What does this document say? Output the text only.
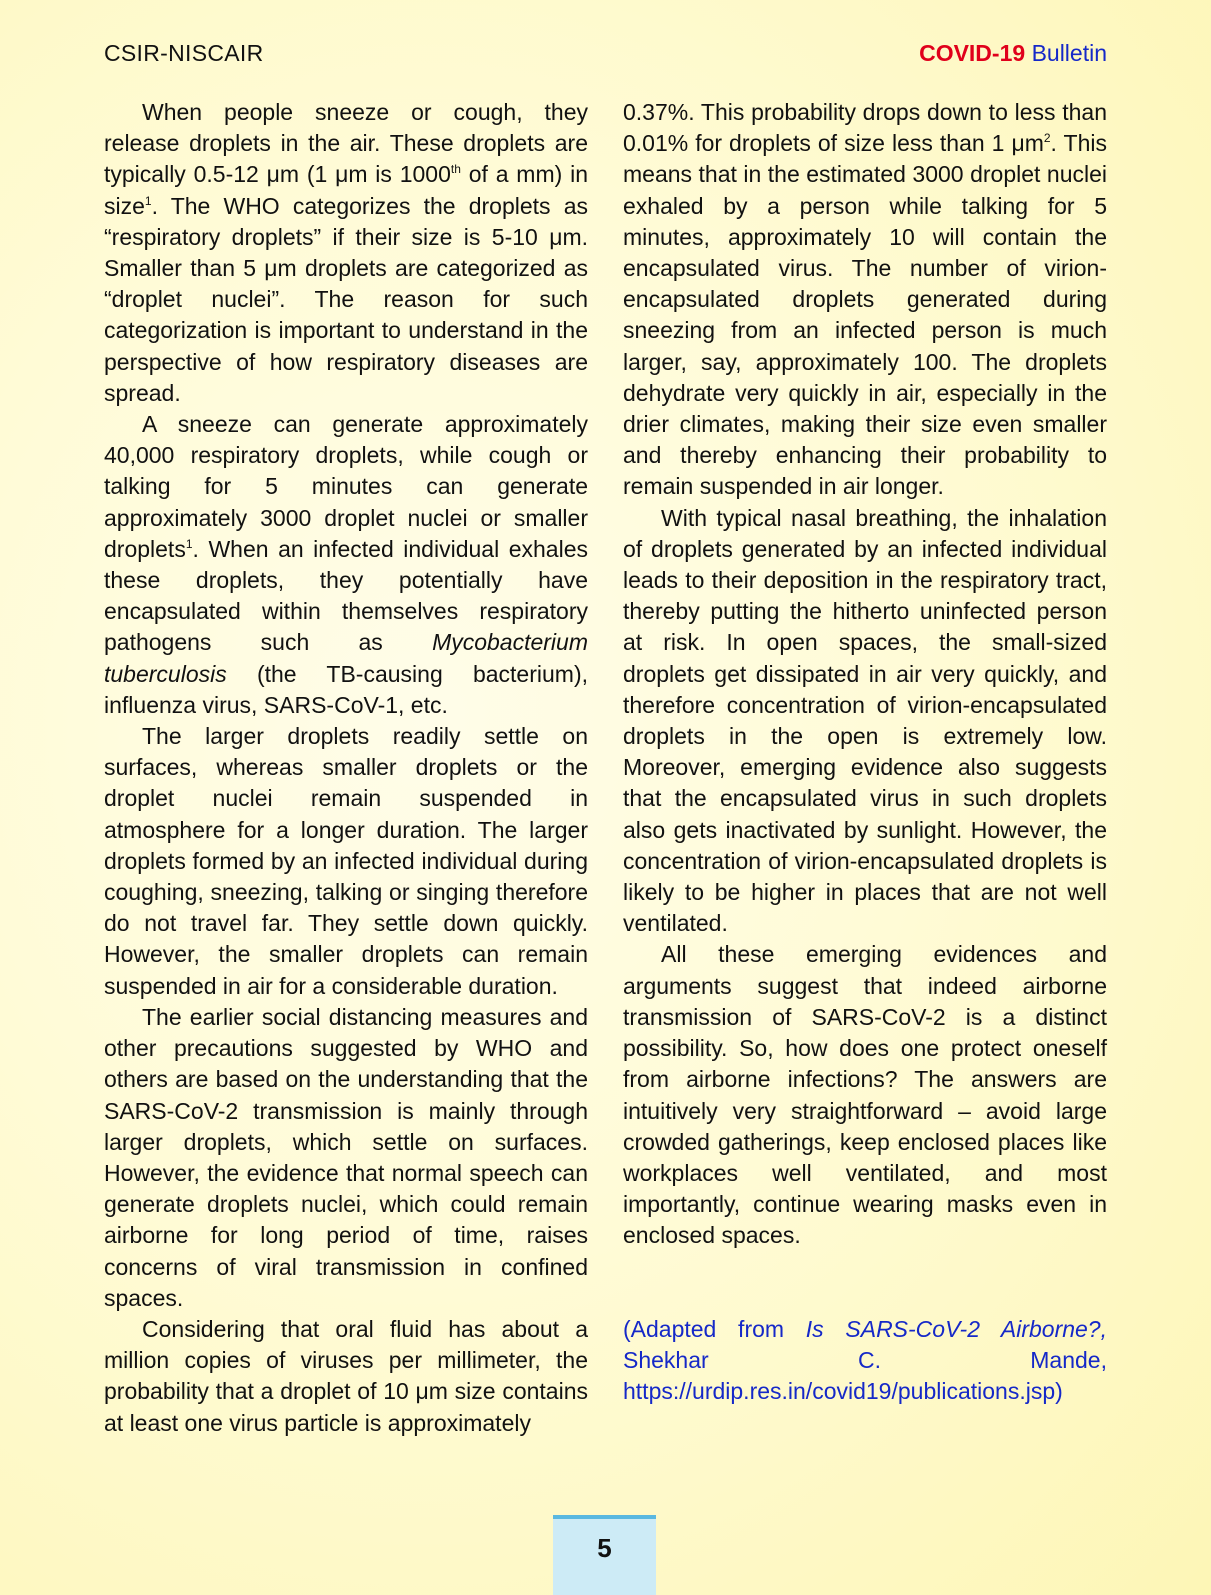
CSIR-NISCAIR	COVID-19 Bulletin

When people sneeze or cough, they release droplets in the air. These droplets are typically 0.5-12 μm (1 μm is 1000th of a mm) in size$^1$. The WHO categorizes the droplets as “respiratory droplets” if their size is 5-10 μm. Smaller than 5 μm droplets are categorized as “droplet nuclei”. The reason for such categorization is important to understand in the perspective of how respiratory diseases are spread.

A sneeze can generate approximately 40,000 respiratory droplets, while cough or talking for 5 minutes can generate approximately 3000 droplet nuclei or smaller droplets$^1$. When an infected individual exhales these droplets, they potentially have encapsulated within themselves respiratory pathogens such as Mycobacterium tuberculosis (the TB-causing bacterium), influenza virus, SARS-CoV-1, etc.

The larger droplets readily settle on surfaces, whereas smaller droplets or the droplet nuclei remain suspended in atmosphere for a longer duration. The larger droplets formed by an infected individual during coughing, sneezing, talking or singing therefore do not travel far. They settle down quickly. However, the smaller droplets can remain suspended in air for a considerable duration.

The earlier social distancing measures and other precautions suggested by WHO and others are based on the understanding that the SARS-CoV-2 transmission is mainly through larger droplets, which settle on surfaces. However, the evidence that normal speech can generate droplets nuclei, which could remain airborne for long period of time, raises concerns of viral transmission in confined spaces.

Considering that oral fluid has about a million copies of viruses per millimeter, the probability that a droplet of 10 μm size contains at least one virus particle is approximately

0.37%. This probability drops down to less than 0.01% for droplets of size less than 1 $\mu m^2$. This means that in the estimated 3000 droplet nuclei exhaled by a person while talking for 5 minutes, approximately 10 will contain the encapsulated virus. The number of virion-encapsulated droplets generated during sneezing from an infected person is much larger, say, approximately 100. The droplets dehydrate very quickly in air, especially in the drier climates, making their size even smaller and thereby enhancing their probability to remain suspended in air longer.

With typical nasal breathing, the inhalation of droplets generated by an infected individual leads to their deposition in the respiratory tract, thereby putting the hitherto uninfected person at risk. In open spaces, the small-sized droplets get dissipated in air very quickly, and therefore concentration of virion-encapsulated droplets in the open is extremely low. Moreover, emerging evidence also suggests that the encapsulated virus in such droplets also gets inactivated by sunlight. However, the concentration of virion-encapsulated droplets is likely to be higher in places that are not well ventilated.

All these emerging evidences and arguments suggest that indeed airborne transmission of SARS-CoV-2 is a distinct possibility. So, how does one protect oneself from airborne infections? The answers are intuitively very straightforward – avoid large crowded gatherings, keep enclosed places like workplaces well ventilated, and most importantly, continue wearing masks even in enclosed spaces.

(Adapted from Is SARS-CoV-2 Airborne?, Shekhar C. Mande, https://urdip.res.in/covid19/publications.jsp)

5
